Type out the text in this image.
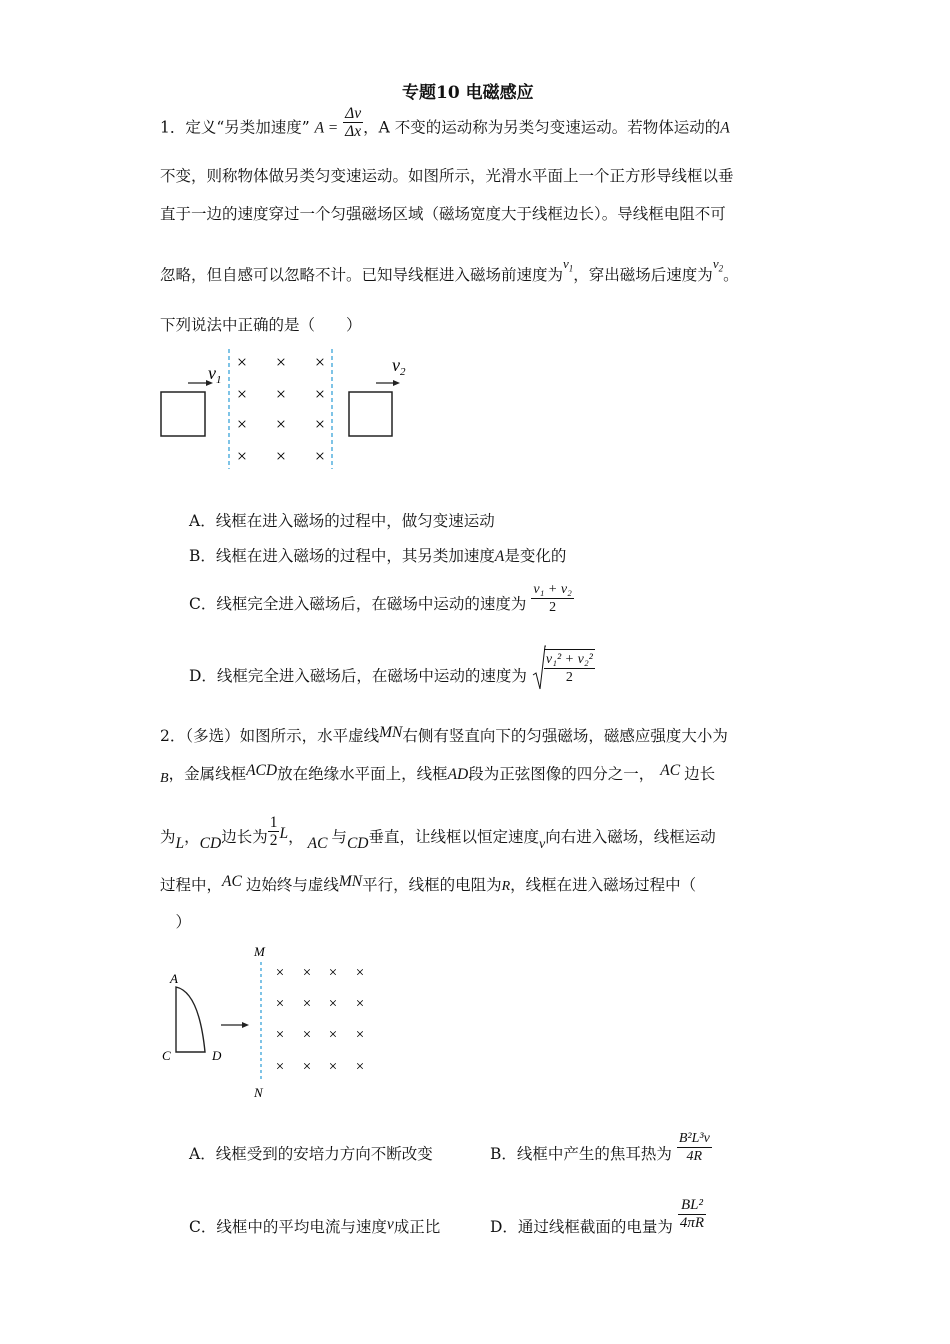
专题10 电磁感应
1．定义“另类加速度” $A = \frac{\Delta v}{\Delta x}$ ，A 不变的运动称为另类匀变速运动。若物体运动的A
不变，则称物体做另类匀变速运动。如图所示，光滑水平面上一个正方形导线框以垂
直于一边的速度穿过一个匀强磁场区域（磁场宽度大于线框边长）。导线框电阻不可
忽略，但自感可以忽略不计。已知导线框进入磁场前速度为$^{v_1}$，穿出磁场后速度为$^{v_2}$。
下列说法中正确的是（　　）
$v_1$
× × ×
× × ×
× × ×
× × ×
$v_2$
A．线框在进入磁场的过程中，做匀变速运动
B．线框在进入磁场的过程中，其另类加速度A是变化的
C．线框完全进入磁场后，在磁场中运动的速度为 $\frac{\text{v₁ + v₂}}{2}$
D．线框完全进入磁场后，在磁场中运动的速度为 $\frac{\text{v₁² + v₂²}}{2}$
2．（多选）如图所示，水平虚线MN右侧有竖直向下的匀强磁场，磁感应强度大小为
B，金属线框ACD放在绝缘水平面上，线框AD段为正弦图像的四分之一， AC 边长
为L，CD边长为 $\frac{1}{2}$ L， AC 与CD垂直，让线框以恒定速度v向右进入磁场，线框运动
过程中，AC 边始终与虚线MN平行，线框的电阻为R，线框在进入磁场过程中（
　）
A
C	D
M
N
× × × ×
× × × ×
× × × ×
× × × ×
A．线框受到的安培力方向不断改变	B．线框中产生的焦耳热为 $\frac{\text{B²L³v}}{4R}$
C．线框中的平均电流与速度v成正比	D．通过线框截面的电量为 $\frac{\text{BL²}}{4\pi R}$
